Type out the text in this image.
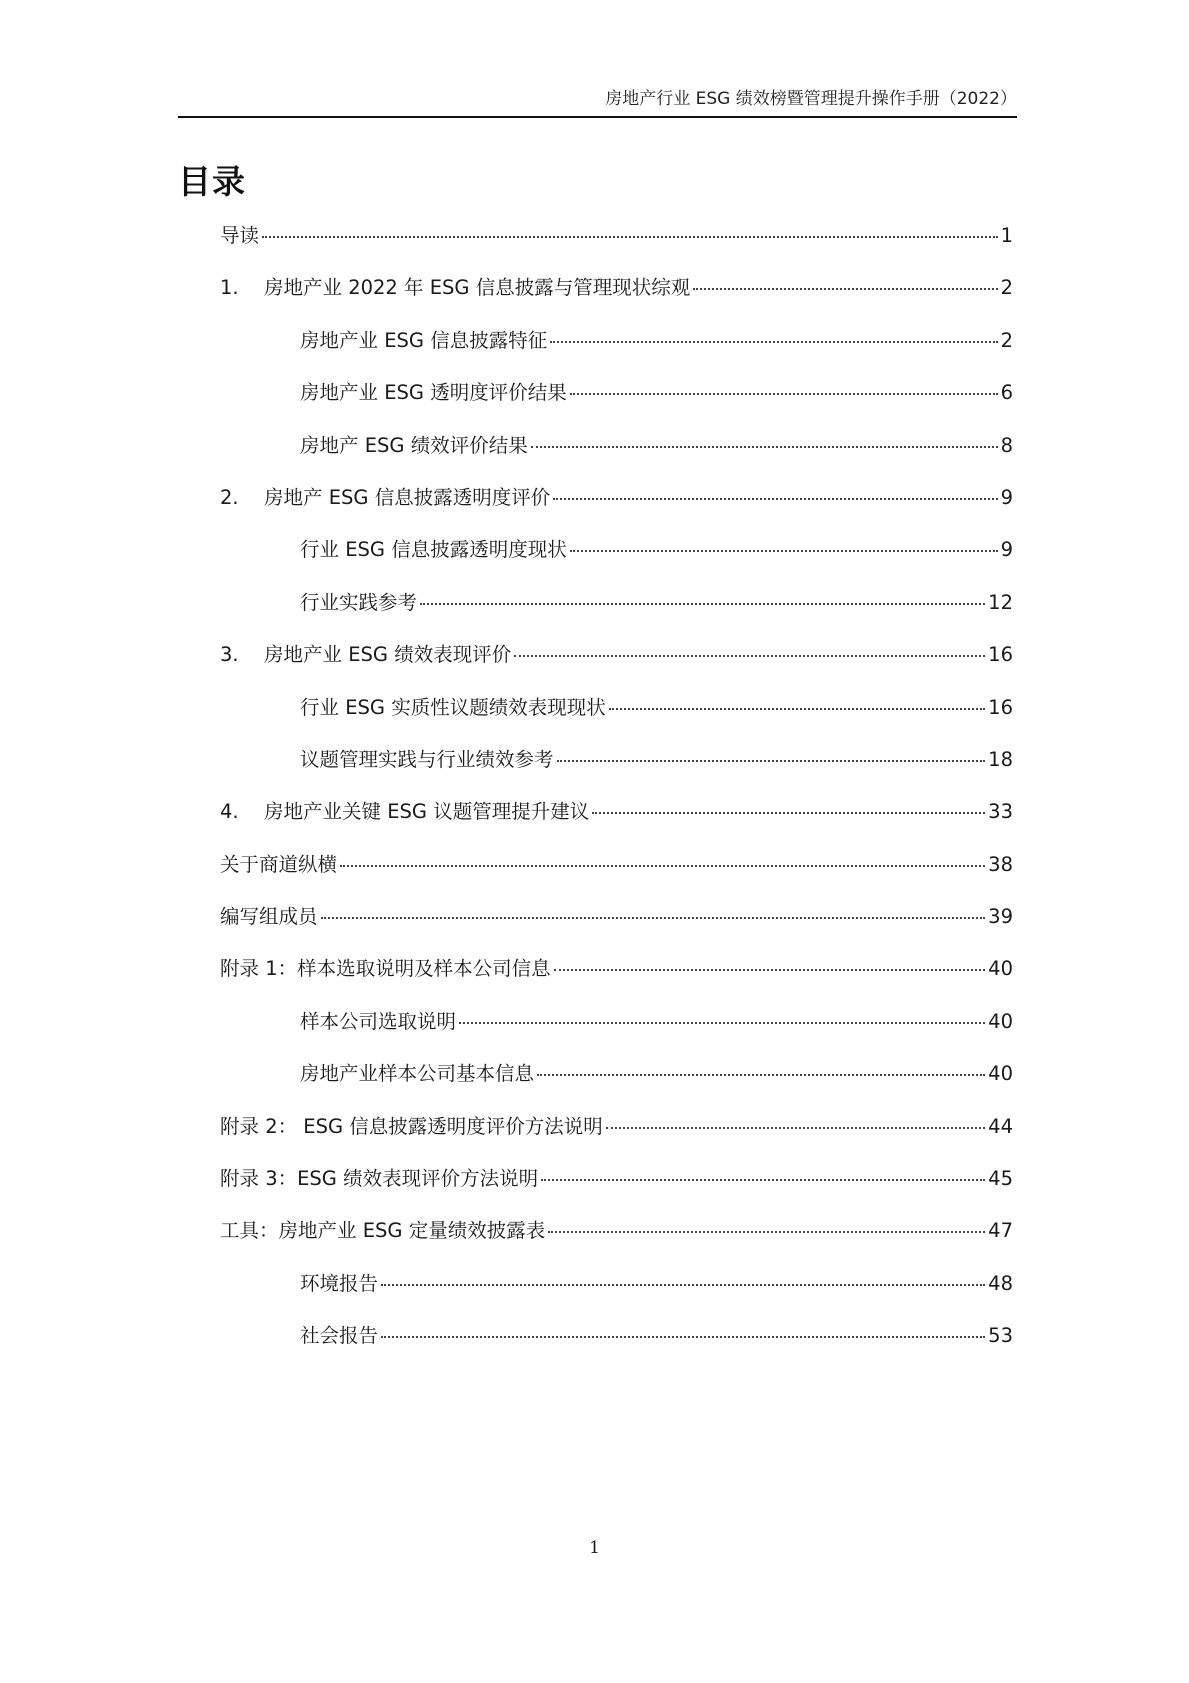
房地产行业 ESG 绩效榜暨管理提升操作手册（2022）
目录
导读	1
1.	房地产业 2022 年 ESG 信息披露与管理现状综观	2
房地产业 ESG 信息披露特征	2
房地产业 ESG 透明度评价结果	6
房地产 ESG 绩效评价结果	8
2.	房地产 ESG 信息披露透明度评价	9
行业 ESG 信息披露透明度现状	9
行业实践参考	12
3.	房地产业 ESG 绩效表现评价	16
行业 ESG 实质性议题绩效表现现状	16
议题管理实践与行业绩效参考	18
4.	房地产业关键 ESG 议题管理提升建议	33
关于商道纵横	38
编写组成员	39
附录 1：样本选取说明及样本公司信息	40
样本公司选取说明	40
房地产业样本公司基本信息	40
附录 2： ESG 信息披露透明度评价方法说明	44
附录 3：ESG 绩效表现评价方法说明	45
工具：房地产业 ESG 定量绩效披露表	47
环境报告	48
社会报告	53
1
